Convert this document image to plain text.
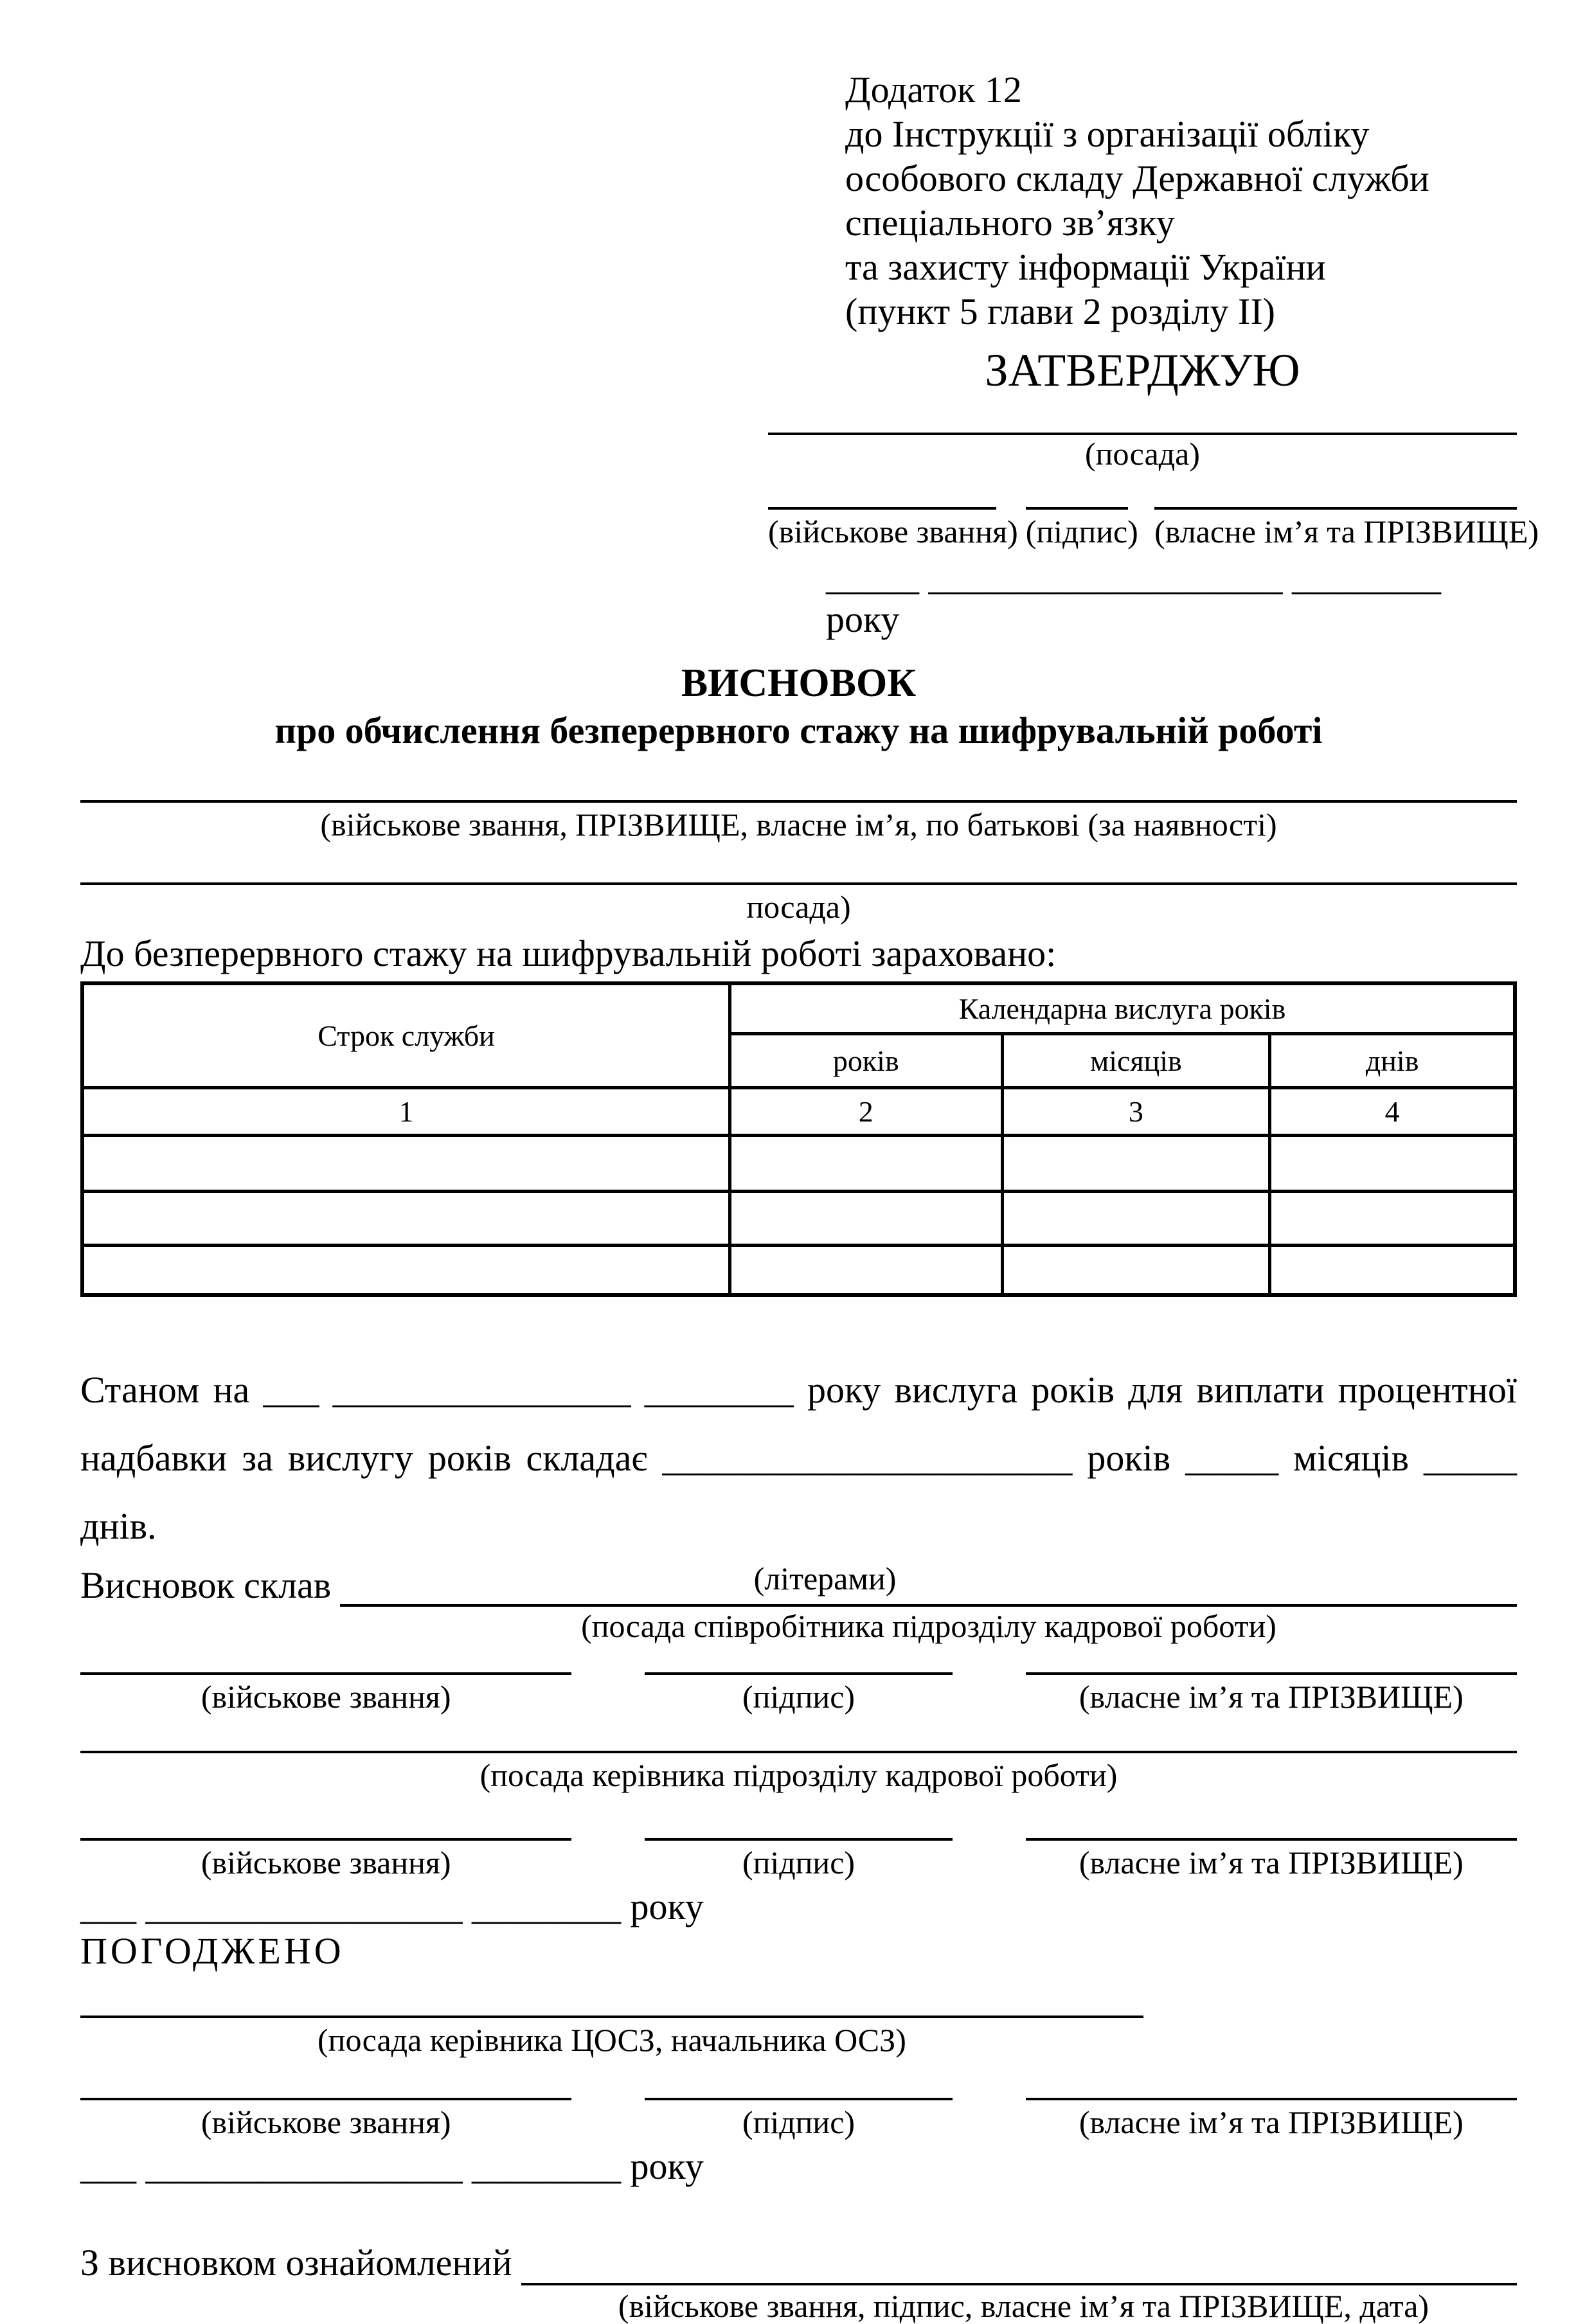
Додаток 12
до Інструкції з організації обліку
особового складу Державної служби
спеціального зв’язку
та захисту інформації України
(пункт 5 глави 2 розділу ІІ)
ЗАТВЕРДЖУЮ
(посада)
(військове звання) (підпис) (власне ім’я та ПРІЗВИЩЕ)
_____ ___________________ ________ року
ВИСНОВОК
про обчислення безперервного стажу на шифрувальній роботі
(військове звання, ПРІЗВИЩЕ, власне ім’я, по батькові (за наявності)
посада)
До безперервного стажу на шифрувальній роботі зараховано:
Строк служби	Календарна вислуга років		
	років	місяців	днів
1	2	3	4

Станом на ___ ________________ ________ року вислуга років для виплати процентної
надбавки за вислугу років складає ______________________ років _____ місяців _____ днів.
(літерами)
Висновок склав
(посада співробітника підрозділу кадрової роботи)
(військове звання)	(підпис)	(власне ім’я та ПРІЗВИЩЕ)
(посада керівника підрозділу кадрової роботи)
(військове звання)	(підпис)	(власне ім’я та ПРІЗВИЩЕ)
___ _________________ ________ року
ПОГОДЖЕНО
(посада керівника ЦОСЗ, начальника ОСЗ)
(військове звання)	(підпис)	(власне ім’я та ПРІЗВИЩЕ)
___ _________________ ________ року
З висновком ознайомлений
(військове звання, підпис, власне ім’я та ПРІЗВИЩЕ, дата)
